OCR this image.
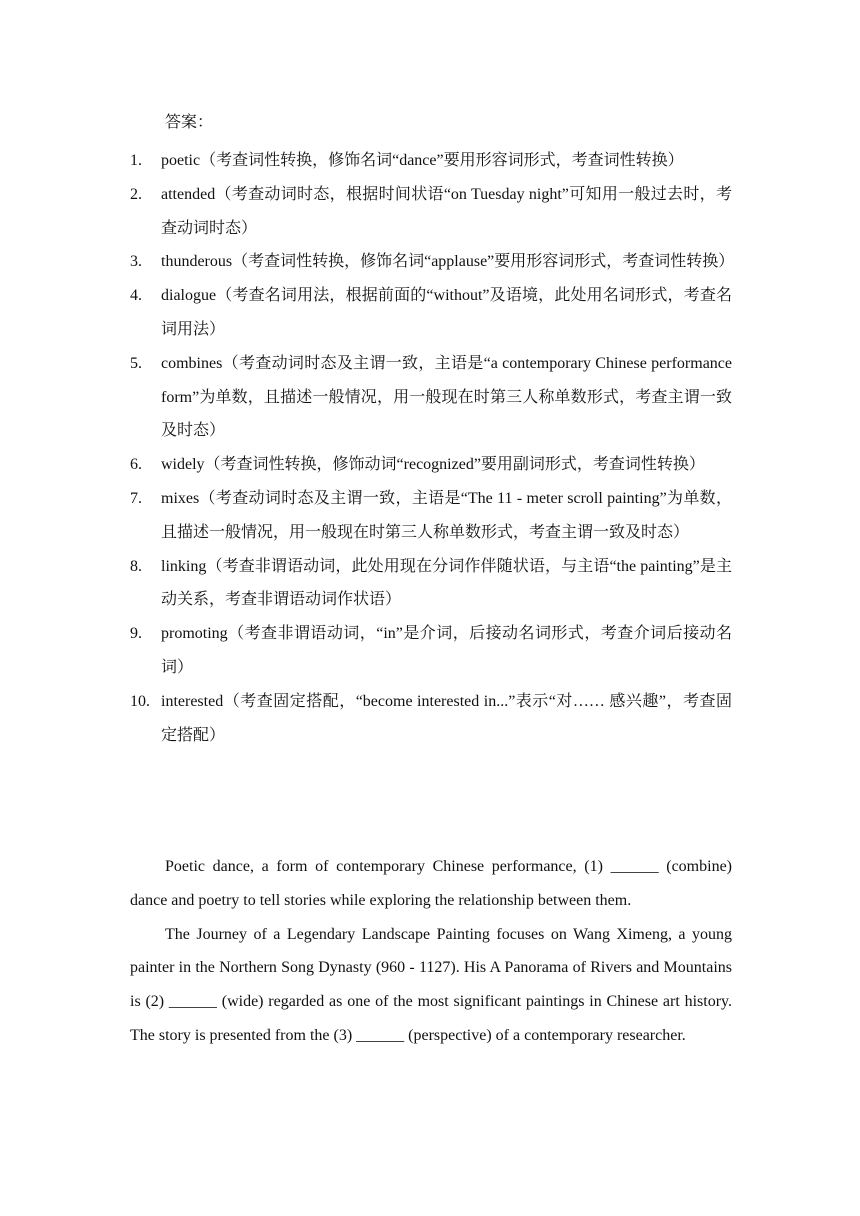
答案：
1. poetic（考查词性转换，修饰名词“dance”要用形容词形式，考查词性转换）
2. attended（考查动词时态，根据时间状语“on Tuesday night”可知用一般过去时，考查动词时态）
3. thunderous（考查词性转换，修饰名词“applause”要用形容词形式，考查词性转换）
4. dialogue（考查名词用法，根据前面的“without”及语境，此处用名词形式，考查名词用法）
5. combines（考查动词时态及主谓一致，主语是“a contemporary Chinese performance form”为单数，且描述一般情况，用一般现在时第三人称单数形式，考查主谓一致及时态）
6. widely（考查词性转换，修饰动词“recognized”要用副词形式，考查词性转换）
7. mixes（考查动词时态及主谓一致，主语是“The 11 - meter scroll painting”为单数，且描述一般情况，用一般现在时第三人称单数形式，考查主谓一致及时态）
8. linking（考查非谓语动词，此处用现在分词作伴随状语，与主语“the painting”是主动关系，考查非谓语动词作状语）
9. promoting（考查非谓语动词，“in”是介词，后接动名词形式，考查介词后接动名词）
10. interested（考查固定搭配，“become interested in...”表示“对…… 感兴趣”，考查固定搭配）

Poetic dance, a form of contemporary Chinese performance, (1) ______ (combine) dance and poetry to tell stories while exploring the relationship between them.

The Journey of a Legendary Landscape Painting focuses on Wang Ximeng, a young painter in the Northern Song Dynasty (960 - 1127). His A Panorama of Rivers and Mountains is (2) ______ (wide) regarded as one of the most significant paintings in Chinese art history. The story is presented from the (3) ______ (perspective) of a contemporary researcher.
